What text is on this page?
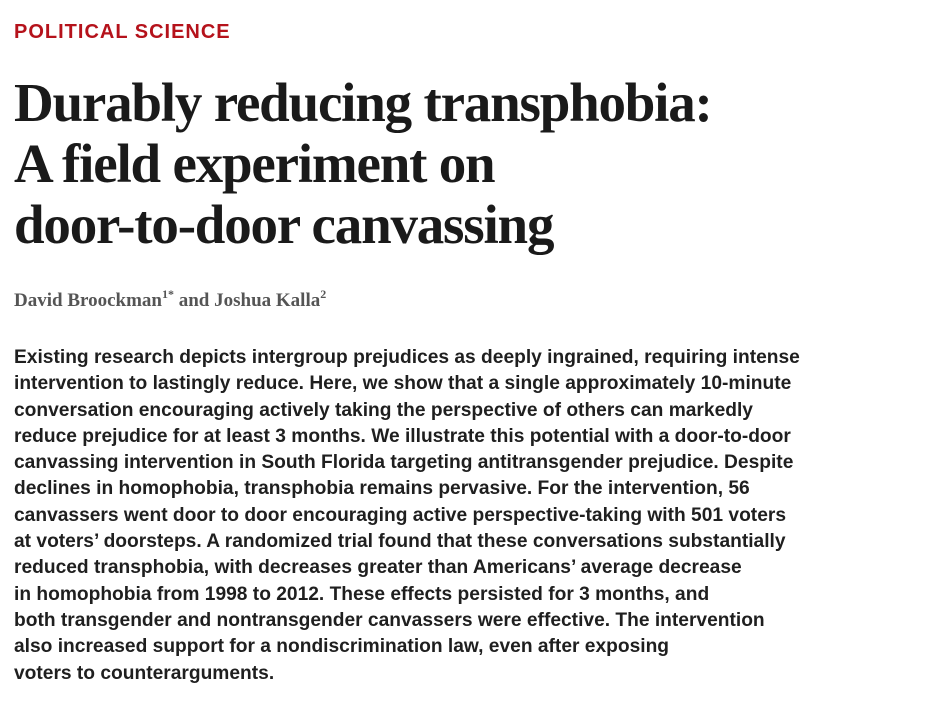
POLITICAL SCIENCE
Durably reducing transphobia:
A field experiment on
door-to-door canvassing
David Broockman$^{1*}$ and Joshua Kalla$^2$
Existing research depicts intergroup prejudices as deeply ingrained, requiring intense
intervention to lastingly reduce. Here, we show that a single approximately 10-minute
conversation encouraging actively taking the perspective of others can markedly
reduce prejudice for at least 3 months. We illustrate this potential with a door-to-door
canvassing intervention in South Florida targeting antitransgender prejudice. Despite
declines in homophobia, transphobia remains pervasive. For the intervention, 56
canvassers went door to door encouraging active perspective-taking with 501 voters
at voters’ doorsteps. A randomized trial found that these conversations substantially
reduced transphobia, with decreases greater than Americans’ average decrease
in homophobia from 1998 to 2012. These effects persisted for 3 months, and
both transgender and nontransgender canvassers were effective. The intervention
also increased support for a nondiscrimination law, even after exposing
voters to counterarguments.
